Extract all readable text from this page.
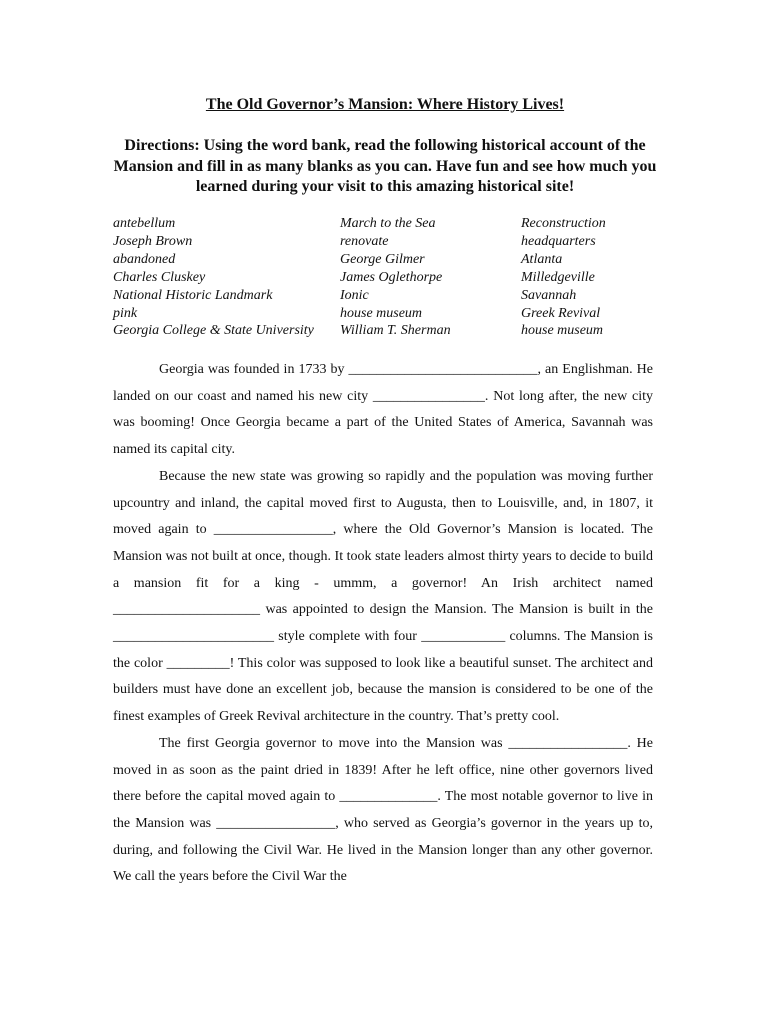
The Old Governor’s Mansion: Where History Lives!
Directions: Using the word bank, read the following historical account of the Mansion and fill in as many blanks as you can. Have fun and see how much you learned during your visit to this amazing historical site!
antebellum
Joseph Brown
abandoned
Charles Cluskey
National Historic Landmark
pink
Georgia College & State University
March to the Sea
renovate
George Gilmer
James Oglethorpe
Ionic
house museum
William T. Sherman
Reconstruction
headquarters
Atlanta
Milledgeville
Savannah
Greek Revival
house museum

Georgia was founded in 1733 by ___________________________, an Englishman. He landed on our coast and named his new city ________________. Not long after, the new city was booming! Once Georgia became a part of the United States of America, Savannah was named its capital city.

Because the new state was growing so rapidly and the population was moving further upcountry and inland, the capital moved first to Augusta, then to Louisville, and, in 1807, it moved again to _________________, where the Old Governor’s Mansion is located. The Mansion was not built at once, though. It took state leaders almost thirty years to decide to build a mansion fit for a king - ummm, a governor! An Irish architect named _____________________ was appointed to design the Mansion. The Mansion is built in the _______________________ style complete with four ____________ columns. The Mansion is the color _________! This color was supposed to look like a beautiful sunset. The architect and builders must have done an excellent job, because the mansion is considered to be one of the finest examples of Greek Revival architecture in the country. That’s pretty cool.

The first Georgia governor to move into the Mansion was _________________. He moved in as soon as the paint dried in 1839! After he left office, nine other governors lived there before the capital moved again to ______________. The most notable governor to live in the Mansion was _________________, who served as Georgia’s governor in the years up to, during, and following the Civil War. He lived in the Mansion longer than any other governor. We call the years before the Civil War the
